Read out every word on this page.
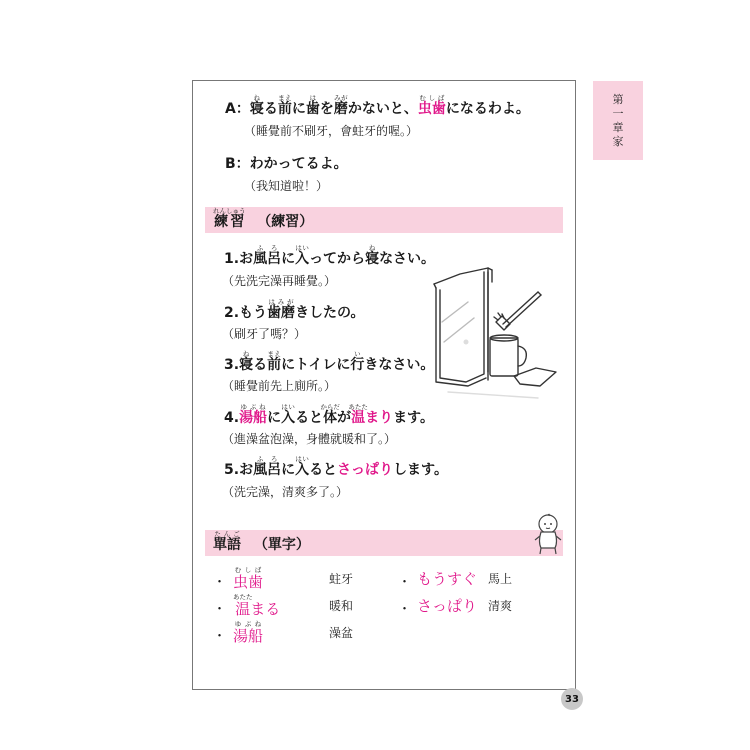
第
一
章
家
A：寝ねる前まえに歯はを磨みがかないと、虫歯むしばになるわよ。
（睡覺前不刷牙，會蛀牙的喔。）
B：わかってるよ。
（我知道啦！）
練習れんしゅう （練習）
1.お風呂ふろに入はいってから寝ねなさい。
（先洗完澡再睡覺。）
2.もう歯磨はみがきしたの。
（刷牙了嗎？）
3.寝ねる前まえにトイレに行いきなさい。
（睡覺前先上廁所。）
4.湯船ゆぶねに入はいると体からだが温あたたまります。
（進澡盆泡澡，身體就暖和了。）
5.お風呂ふろに入はいるとさっぱりします。
（洗完澡，清爽多了。）
單語たんご （單字）
・ 虫歯むしば
蛀牙
・ 温あたたまる	暖和
・ 湯船ゆぶね
澡盆
・ もうすぐ 馬上
・ さっぱり 清爽
33
